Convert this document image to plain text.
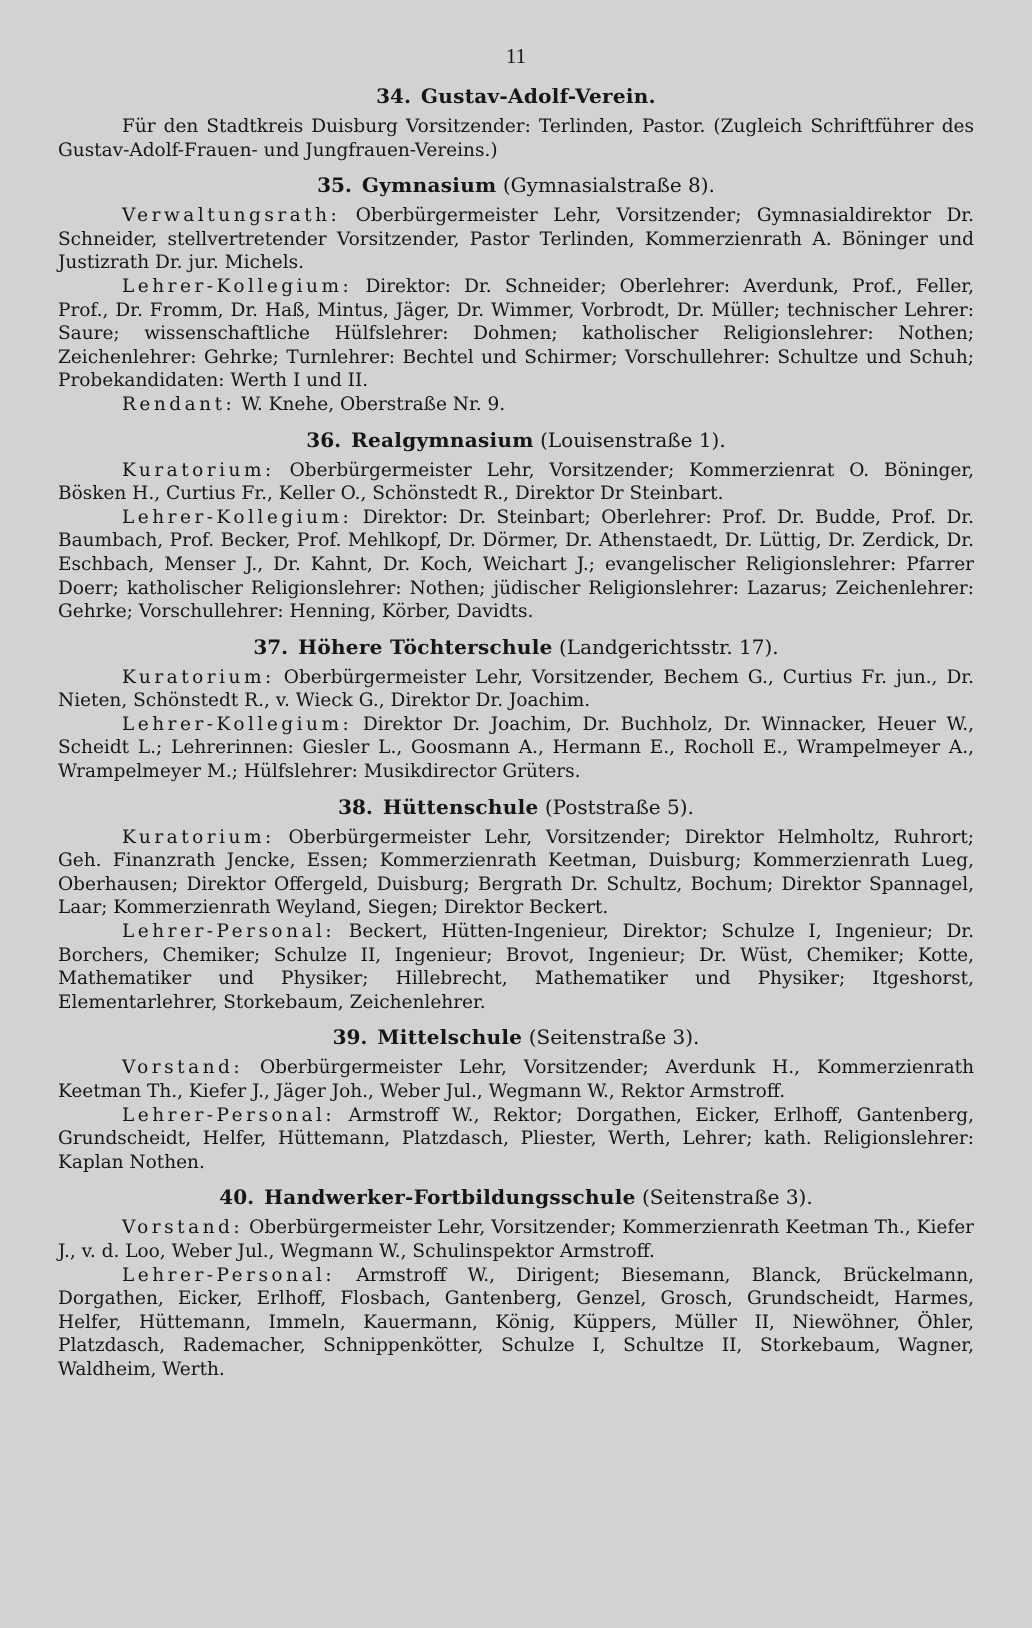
11
34.  Gustav-Adolf-Verein.

Für den Stadtkreis Duisburg Vorsitzender: Terlinden, Pastor. (Zugleich Schriftführer des Gustav-Adolf-Frauen- und Jungfrauen-Vereins.)

35.  Gymnasium (Gymnasialstraße 8).

Verwaltungsrath: Oberbürgermeister Lehr, Vorsitzender; Gymnasialdirektor Dr. Schneider, stellvertretender Vorsitzender, Pastor Terlinden, Kommerzienrath A. Böninger und Justizrath Dr. jur. Michels.

Lehrer-Kollegium: Direktor: Dr. Schneider; Oberlehrer: Averdunk, Prof., Feller, Prof., Dr. Fromm, Dr. Haß, Mintus, Jäger, Dr. Wimmer, Vorbrodt, Dr. Müller; technischer Lehrer: Saure; wissenschaftliche Hülfslehrer: Dohmen; katholischer Religionslehrer: Nothen; Zeichenlehrer: Gehrke; Turnlehrer: Bechtel und Schirmer; Vorschullehrer: Schultze und Schuh; Probekandidaten: Werth I und II.

Rendant: W. Knehe, Oberstraße Nr. 9.

36.  Realgymnasium (Louisenstraße 1).

Kuratorium: Oberbürgermeister Lehr, Vorsitzender; Kommerzienrat O. Böninger, Bösken H., Curtius Fr., Keller O., Schönstedt R., Direktor Dr Steinbart.

Lehrer-Kollegium: Direktor: Dr. Steinbart; Oberlehrer: Prof. Dr. Budde, Prof. Dr. Baumbach, Prof. Becker, Prof. Mehlkopf, Dr. Dörmer, Dr. Athenstaedt, Dr. Lüttig, Dr. Zerdick, Dr. Eschbach, Menser J., Dr. Kahnt, Dr. Koch, Weichart J.; evangelischer Religionslehrer: Pfarrer Doerr; katholischer Religionslehrer: Nothen; jüdischer Religionslehrer: Lazarus; Zeichenlehrer: Gehrke; Vorschullehrer: Henning, Körber, Davidts.

37.  Höhere Töchterschule (Landgerichtsstr. 17).

Kuratorium: Oberbürgermeister Lehr, Vorsitzender, Bechem G., Curtius Fr. jun., Dr. Nieten, Schönstedt R., v. Wieck G., Direktor Dr. Joachim.

Lehrer-Kollegium: Direktor Dr. Joachim, Dr. Buchholz, Dr. Winnacker, Heuer W., Scheidt L.; Lehrerinnen: Giesler L., Goosmann A., Hermann E., Rocholl E., Wrampelmeyer A., Wrampelmeyer M.; Hülfslehrer: Musikdirector Grüters.

38.  Hüttenschule (Poststraße 5).

Kuratorium: Oberbürgermeister Lehr, Vorsitzender; Direktor Helmholtz, Ruhrort; Geh. Finanzrath Jencke, Essen; Kommerzienrath Keetman, Duisburg; Kommerzienrath Lueg, Oberhausen; Direktor Offergeld, Duisburg; Bergrath Dr. Schultz, Bochum; Direktor Spannagel, Laar; Kommerzienrath Weyland, Siegen; Direktor Beckert.

Lehrer-Personal: Beckert, Hütten-Ingenieur, Direktor; Schulze I, Ingenieur; Dr. Borchers, Chemiker; Schulze II, Ingenieur; Brovot, Ingenieur; Dr. Wüst, Chemiker; Kotte, Mathematiker und Physiker; Hillebrecht, Mathematiker und Physiker; Itgeshorst, Elementarlehrer, Storkebaum, Zeichenlehrer.

39.  Mittelschule (Seitenstraße 3).

Vorstand: Oberbürgermeister Lehr, Vorsitzender; Averdunk H., Kommerzienrath Keetman Th., Kiefer J., Jäger Joh., Weber Jul., Wegmann W., Rektor Armstroff.

Lehrer-Personal: Armstroff W., Rektor; Dorgathen, Eicker, Erlhoff, Gantenberg, Grundscheidt, Helfer, Hüttemann, Platzdasch, Pliester, Werth, Lehrer; kath. Religionslehrer: Kaplan Nothen.

40.  Handwerker-Fortbildungsschule (Seitenstraße 3).

Vorstand: Oberbürgermeister Lehr, Vorsitzender; Kommerzienrath Keetman Th., Kiefer J., v. d. Loo, Weber Jul., Wegmann W., Schulinspektor Armstroff.

Lehrer-Personal: Armstroff W., Dirigent; Biesemann, Blanck, Brückelmann, Dorgathen, Eicker, Erlhoff, Flosbach, Gantenberg, Genzel, Grosch, Grundscheidt, Harmes, Helfer, Hüttemann, Immeln, Kauermann, König, Küppers, Müller II, Niewöhner, Öhler, Platzdasch, Rademacher, Schnippenkötter, Schulze I, Schultze II, Storkebaum, Wagner, Waldheim, Werth.
